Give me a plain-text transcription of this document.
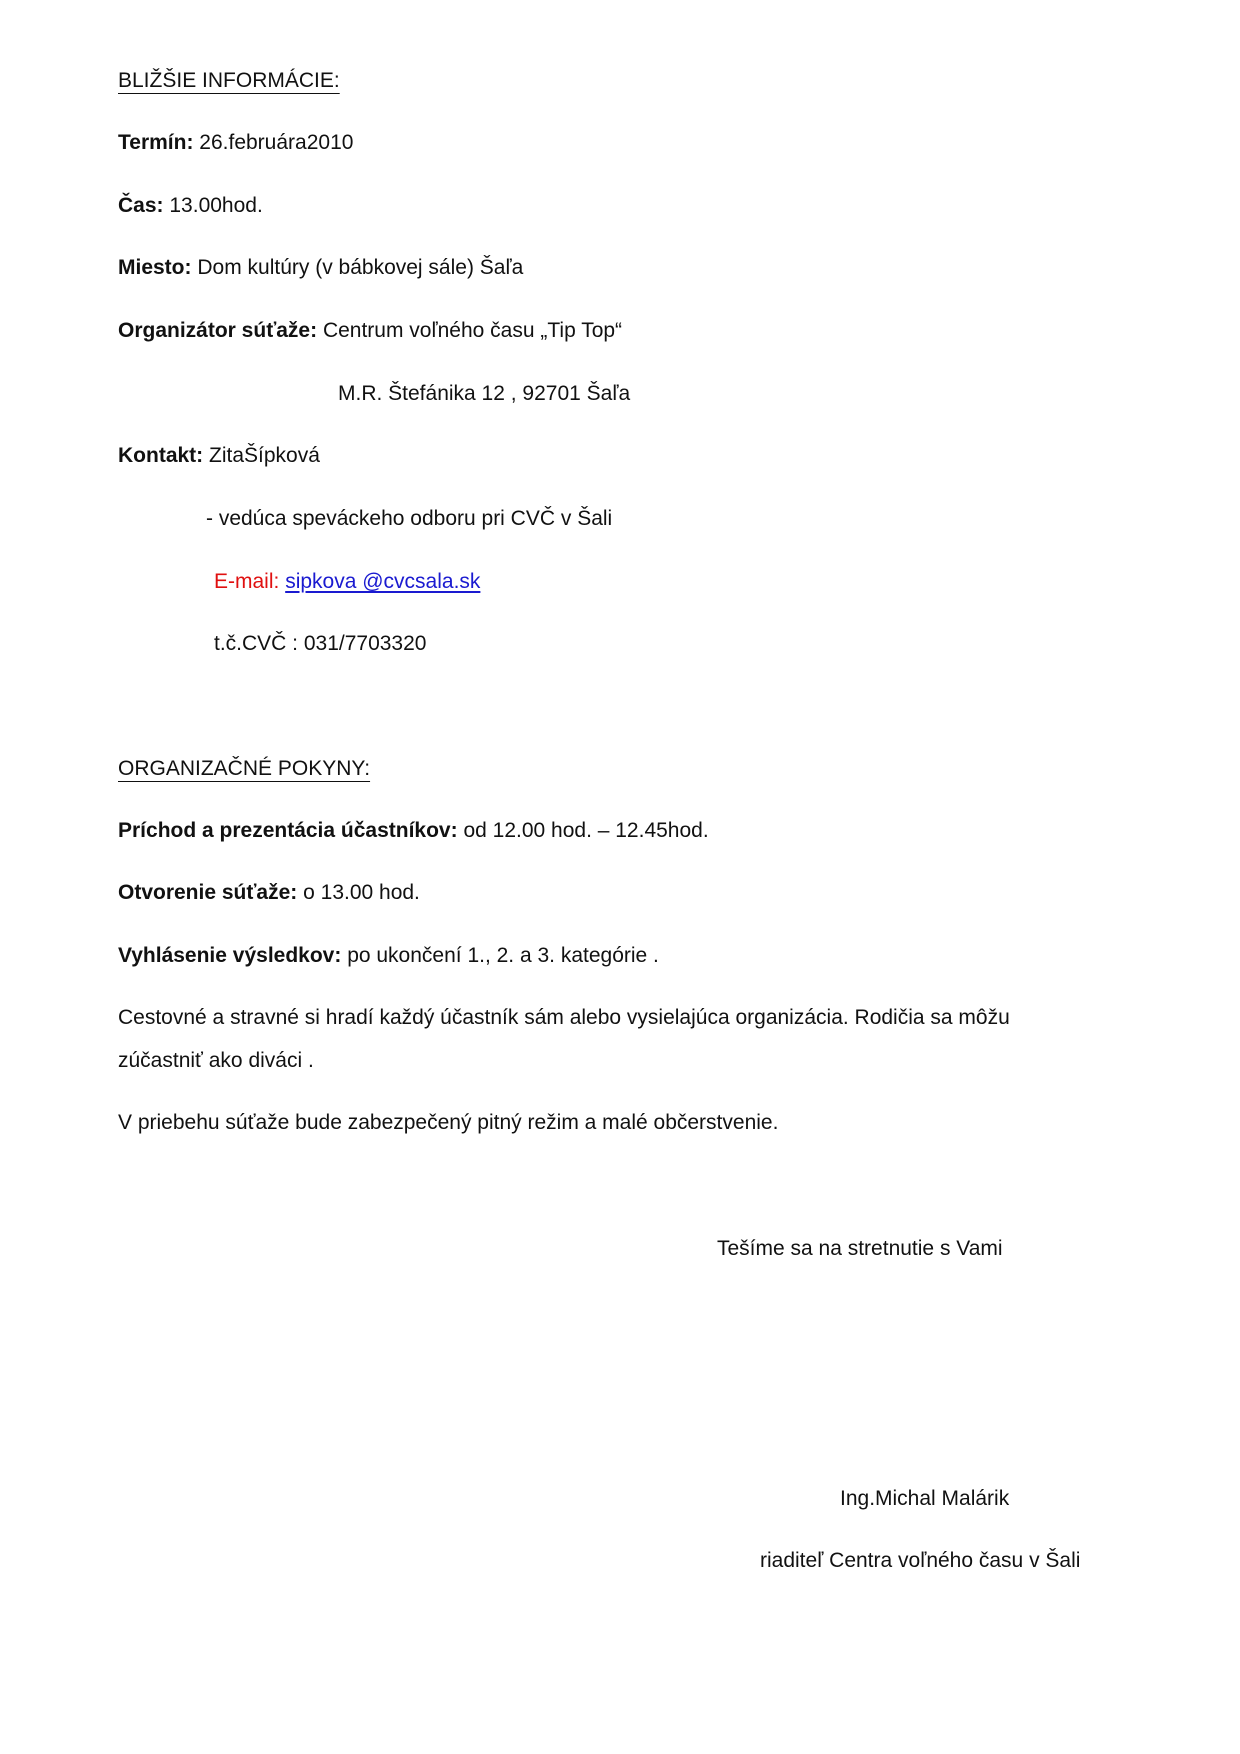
BLIŽŠIE INFORMÁCIE:
Termín: 26.februára2010
Čas: 13.00hod.
Miesto: Dom kultúry (v bábkovej sále) Šaľa
Organizátor súťaže: Centrum voľného času „Tip Top“
M.R. Štefánika 12 , 92701 Šaľa
Kontakt: ZitaŠípková
- vedúca speváckeho odboru pri CVČ v Šali
E-mail: sipkova @cvcsala.sk
t.č.CVČ : 031/7703320
ORGANIZAČNÉ POKYNY:
Príchod a prezentácia účastníkov: od 12.00 hod. – 12.45hod.
Otvorenie súťaže: o 13.00 hod.
Vyhlásenie výsledkov: po ukončení 1., 2. a 3. kategórie .
Cestovné a stravné si hradí každý účastník sám alebo vysielajúca organizácia. Rodičia sa môžu
zúčastniť ako diváci .
V priebehu súťaže bude zabezpečený pitný režim a malé občerstvenie.
Tešíme sa na stretnutie s Vami
Ing.Michal Malárik
riaditeľ Centra voľného času v Šali
